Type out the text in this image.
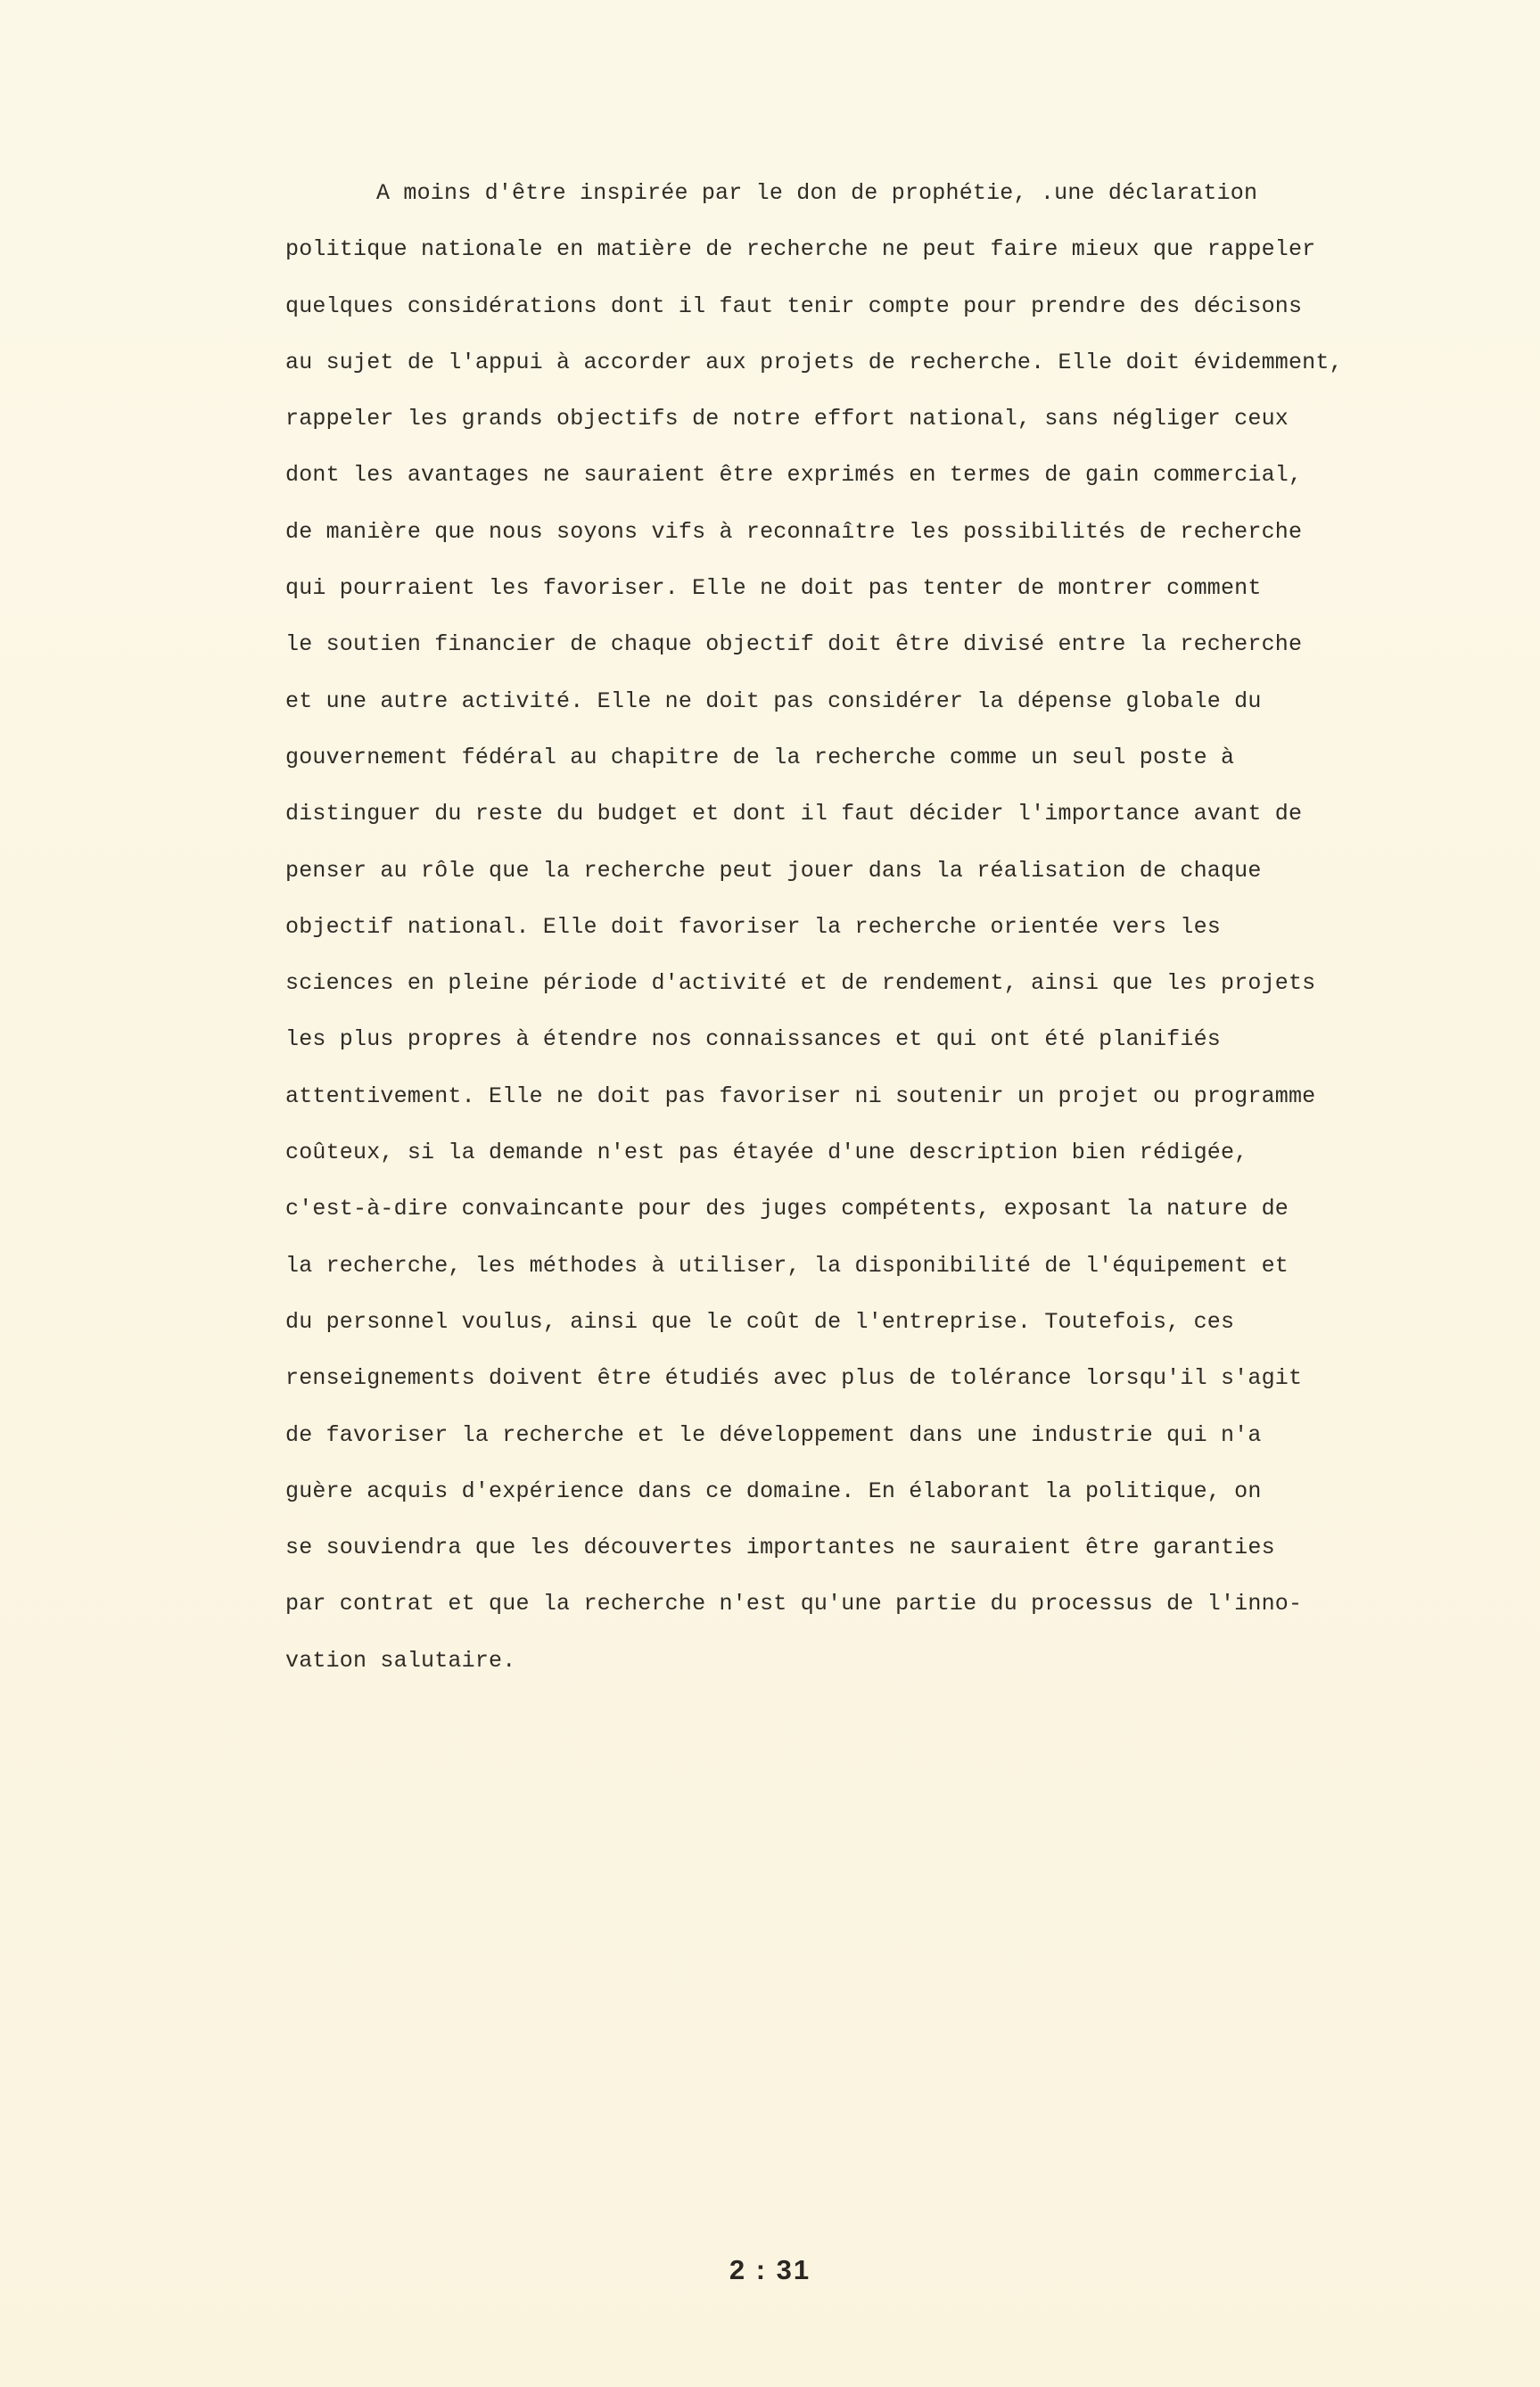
A moins d'être inspirée par le don de prophétie, .une déclaration
politique nationale en matière de recherche ne peut faire mieux que rappeler
quelques considérations dont il faut tenir compte pour prendre des décisons
au sujet de l'appui à accorder aux projets de recherche. Elle doit évidemment,
rappeler les grands objectifs de notre effort national, sans négliger ceux
dont les avantages ne sauraient être exprimés en termes de gain commercial,
de manière que nous soyons vifs à reconnaître les possibilités de recherche
qui pourraient les favoriser. Elle ne doit pas tenter de montrer comment
le soutien financier de chaque objectif doit être divisé entre la recherche
et une autre activité. Elle ne doit pas considérer la dépense globale du
gouvernement fédéral au chapitre de la recherche comme un seul poste à
distinguer du reste du budget et dont il faut décider l'importance avant de
penser au rôle que la recherche peut jouer dans la réalisation de chaque
objectif national. Elle doit favoriser la recherche orientée vers les
sciences en pleine période d'activité et de rendement, ainsi que les projets
les plus propres à étendre nos connaissances et qui ont été planifiés
attentivement. Elle ne doit pas favoriser ni soutenir un projet ou programme
coûteux, si la demande n'est pas étayée d'une description bien rédigée,
c'est-à-dire convaincante pour des juges compétents, exposant la nature de
la recherche, les méthodes à utiliser, la disponibilité de l'équipement et
du personnel voulus, ainsi que le coût de l'entreprise. Toutefois, ces
renseignements doivent être étudiés avec plus de tolérance lorsqu'il s'agit
de favoriser la recherche et le développement dans une industrie qui n'a
guère acquis d'expérience dans ce domaine. En élaborant la politique, on
se souviendra que les découvertes importantes ne sauraient être garanties
par contrat et que la recherche n'est qu'une partie du processus de l'inno-
vation salutaire.
2 : 31
